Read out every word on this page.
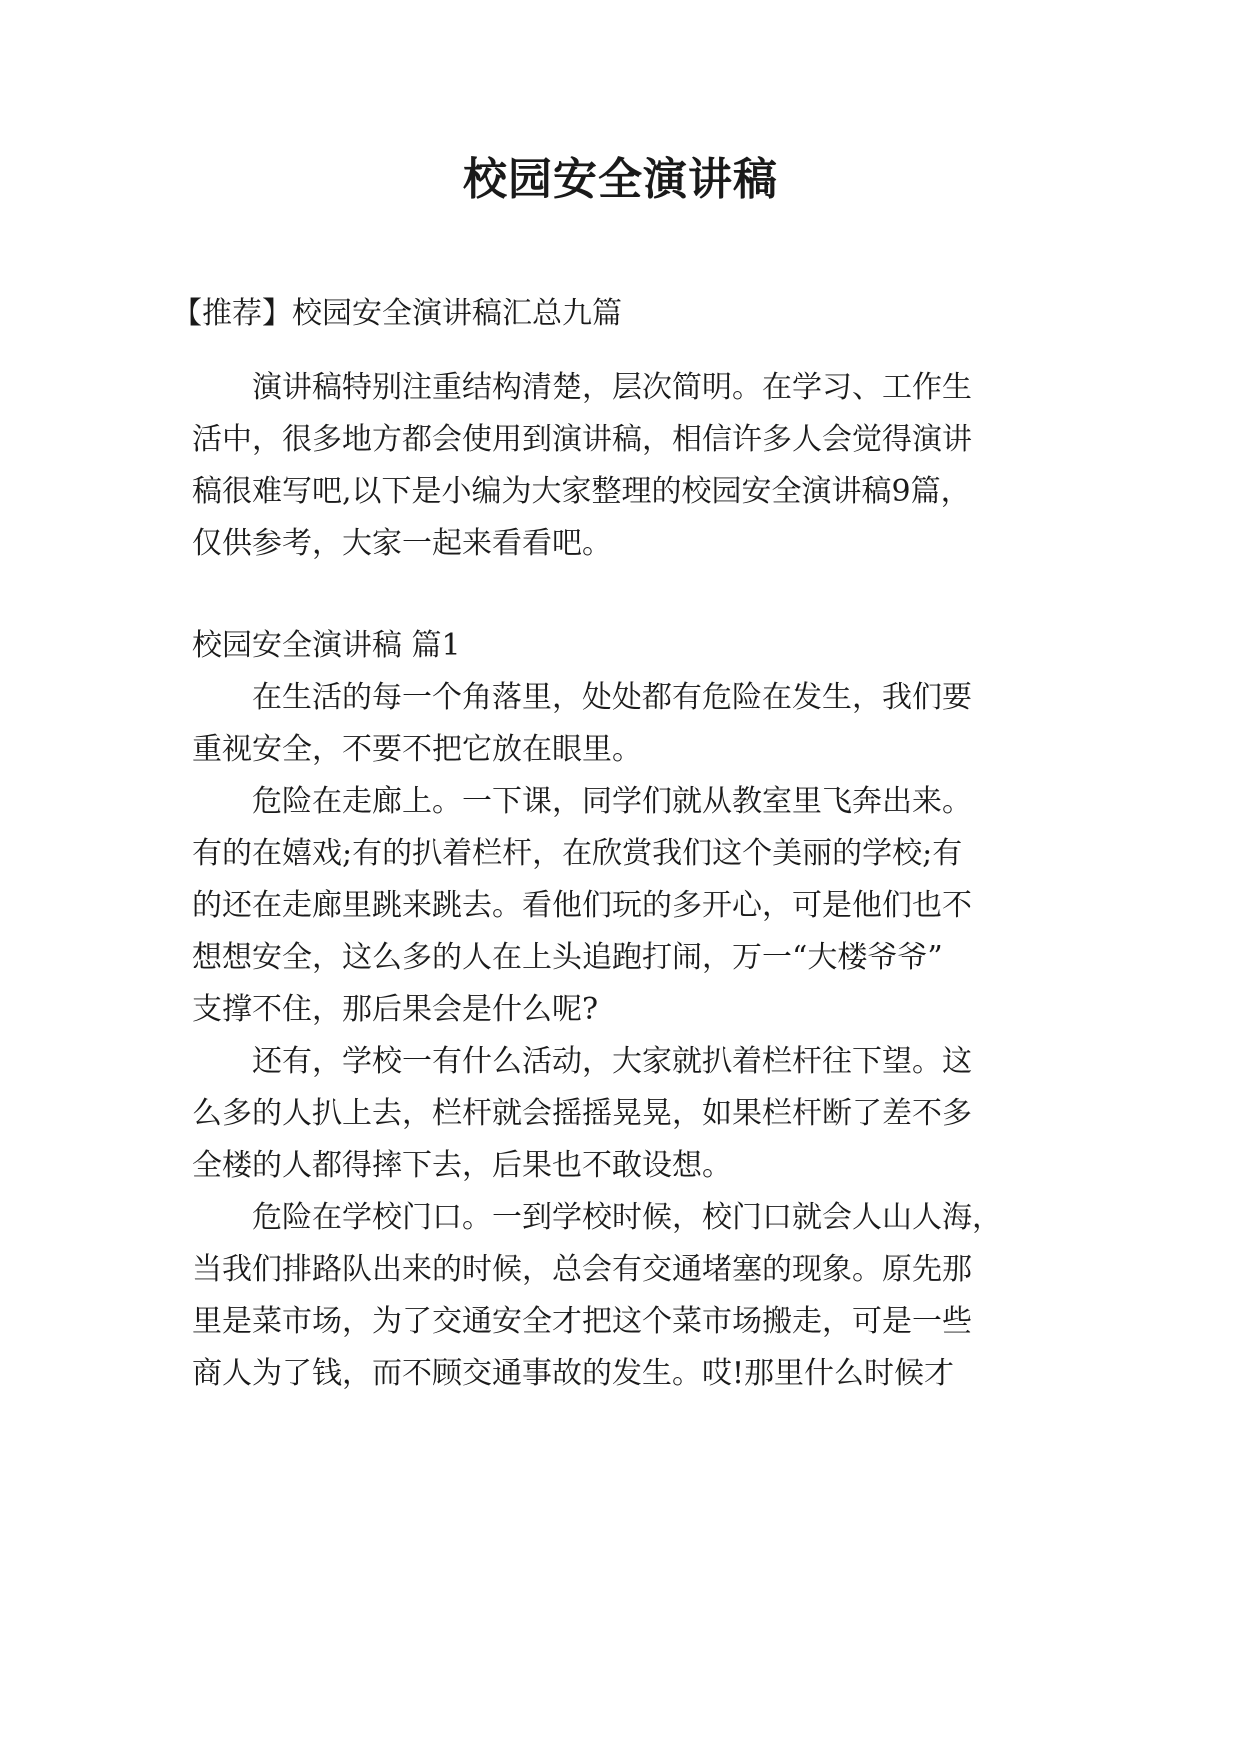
校园安全演讲稿

【推荐】校园安全演讲稿汇总九篇

　　演讲稿特别注重结构清楚，层次简明。在学习、工作生

活中，很多地方都会使用到演讲稿，相信许多人会觉得演讲

稿很难写吧,以下是小编为大家整理的校园安全演讲稿9篇，

仅供参考，大家一起来看看吧。

校园安全演讲稿 篇1

　　在生活的每一个角落里，处处都有危险在发生，我们要

重视安全，不要不把它放在眼里。

　　危险在走廊上。一下课，同学们就从教室里飞奔出来。

有的在嬉戏;有的扒着栏杆，在欣赏我们这个美丽的学校;有

的还在走廊里跳来跳去。看他们玩的多开心，可是他们也不

想想安全，这么多的人在上头追跑打闹，万一“大楼爷爷”

支撑不住，那后果会是什么呢?

　　还有，学校一有什么活动，大家就扒着栏杆往下望。这

么多的人扒上去，栏杆就会摇摇晃晃，如果栏杆断了差不多

全楼的人都得摔下去，后果也不敢设想。

　　危险在学校门口。一到学校时候，校门口就会人山人海，

当我们排路队出来的时候，总会有交通堵塞的现象。原先那

里是菜市场，为了交通安全才把这个菜市场搬走，可是一些

商人为了钱，而不顾交通事故的发生。哎!那里什么时候才
